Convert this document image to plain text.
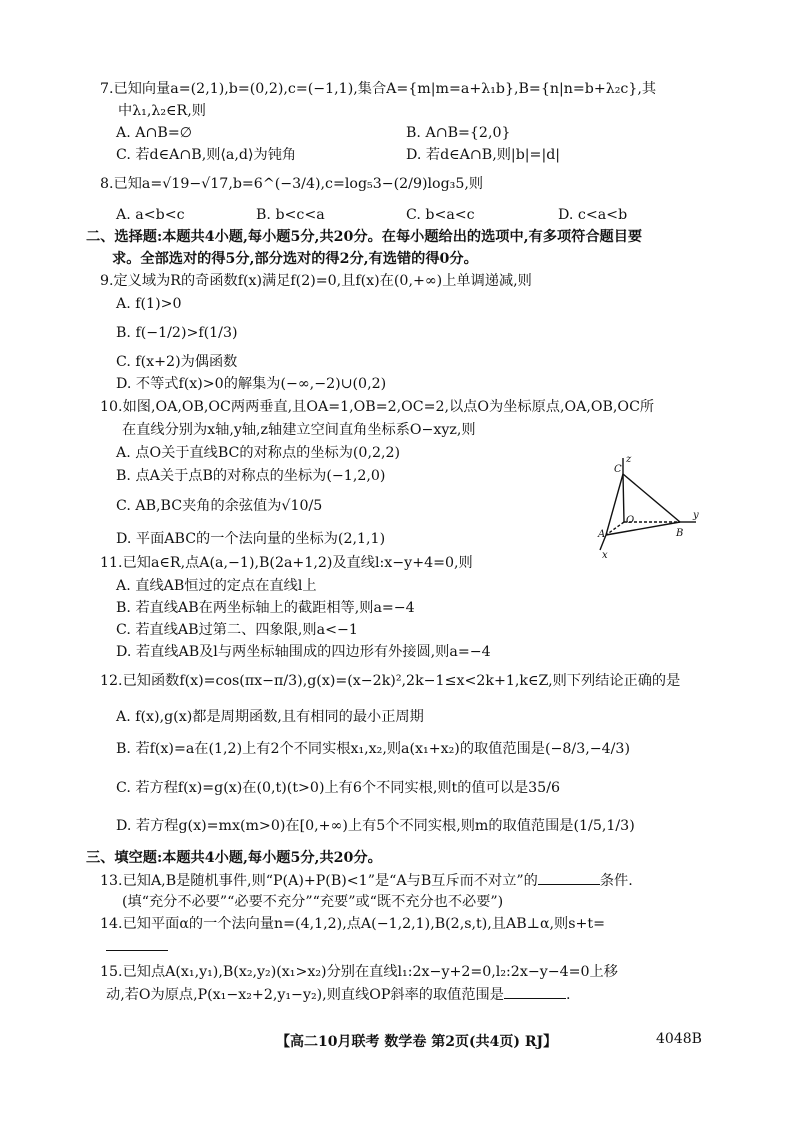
7.已知向量a=(2,1),b=(0,2),c=(−1,1),集合A={m|m=a+λ₁b},B={n|n=b+λ₂c},其
中λ₁,λ₂∈R,则
A. A∩B=∅	B. A∩B={2,0}
C. 若d∈A∩B,则⟨a,d⟩为钝角	D. 若d∈A∩B,则|b|=|d|
8.已知a=√19−√17,b=6^(−3/4),c=log₅3−(2/9)log₃5,则
A. a<b<c	B. b<c<a	C. b<a<c	D. c<a<b
二、选择题:本题共4小题,每小题5分,共20分。在每小题给出的选项中,有多项符合题目要
求。全部选对的得5分,部分选对的得2分,有选错的得0分。
9.定义域为R的奇函数f(x)满足f(2)=0,且f(x)在(0,+∞)上单调递减,则
A. f(1)>0
B. f(−1/2)>f(1/3)
C. f(x+2)为偶函数
D. 不等式f(x)>0的解集为(−∞,−2)∪(0,2)
10.如图,OA,OB,OC两两垂直,且OA=1,OB=2,OC=2,以点O为坐标原点,OA,OB,OC所
在直线分别为x轴,y轴,z轴建立空间直角坐标系O−xyz,则
A. 点O关于直线BC的对称点的坐标为(0,2,2)
B. 点A关于点B的对称点的坐标为(−1,2,0)
C. AB,BC夹角的余弦值为√10/5
D. 平面ABC的一个法向量的坐标为(2,1,1)
z
C
O	y
A	B
x
11.已知a∈R,点A(a,−1),B(2a+1,2)及直线l:x−y+4=0,则
A. 直线AB恒过的定点在直线l上
B. 若直线AB在两坐标轴上的截距相等,则a=−4
C. 若直线AB过第二、四象限,则a<−1
D. 若直线AB及l与两坐标轴围成的四边形有外接圆,则a=−4
12.已知函数f(x)=cos(πx−π/3),g(x)=(x−2k)²,2k−1≤x<2k+1,k∈Z,则下列结论正确的是
A. f(x),g(x)都是周期函数,且有相同的最小正周期
B. 若f(x)=a在(1,2)上有2个不同实根x₁,x₂,则a(x₁+x₂)的取值范围是(−8/3,−4/3)
C. 若方程f(x)=g(x)在(0,t)(t>0)上有6个不同实根,则t的值可以是35/6
D. 若方程g(x)=mx(m>0)在[0,+∞)上有5个不同实根,则m的取值范围是(1/5,1/3)
三、填空题:本题共4小题,每小题5分,共20分。
13.已知A,B是随机事件,则“P(A)+P(B)<1”是“A与B互斥而不对立”的	条件.
(填“充分不必要”“必要不充分”“充要”或“既不充分也不必要”)
14.已知平面α的一个法向量n=(4,1,2),点A(−1,2,1),B(2,s,t),且AB⊥α,则s+t=
15.已知点A(x₁,y₁),B(x₂,y₂)(x₁>x₂)分别在直线l₁:2x−y+2=0,l₂:2x−y−4=0上移
动,若O为原点,P(x₁−x₂+2,y₁−y₂),则直线OP斜率的取值范围是	.
【高二10月联考 数学卷 第2页(共4页) RJ】	4048B
